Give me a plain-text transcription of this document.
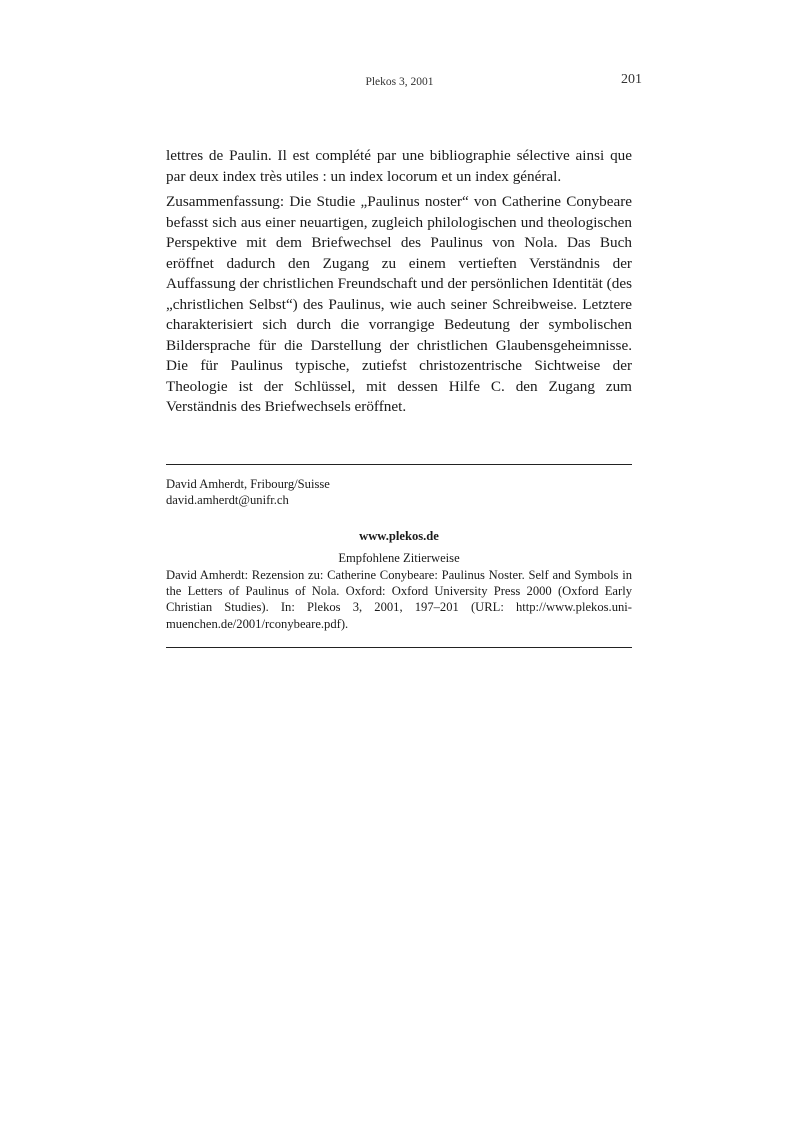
Plekos 3, 2001	201

lettres de Paulin. Il est complété par une bibliographie sélective ainsi que par deux index très utiles : un index locorum et un index général.

Zusammenfassung: Die Studie „Paulinus noster“ von Catherine Conybeare befasst sich aus einer neuartigen, zugleich philologischen und theologischen Perspektive mit dem Briefwechsel des Paulinus von Nola. Das Buch eröffnet dadurch den Zugang zu einem vertieften Verständnis der Auffassung der christlichen Freundschaft und der persönlichen Identität (des „christlichen Selbst“) des Paulinus, wie auch seiner Schreibweise. Letztere charakterisiert sich durch die vorrangige Bedeutung der symbolischen Bildersprache für die Darstellung der christlichen Glaubensgeheimnisse. Die für Paulinus typische, zutiefst christozentrische Sichtweise der Theologie ist der Schlüssel, mit dessen Hilfe C. den Zugang zum Verständnis des Briefwechsels eröffnet.

David Amherdt, Fribourg/Suisse
david.amherdt@unifr.ch
www.plekos.de
Empfohlene Zitierweise
David Amherdt: Rezension zu: Catherine Conybeare: Paulinus Noster. Self and Symbols in the Letters of Paulinus of Nola. Oxford: Oxford University Press 2000 (Oxford Early Christian Studies). In: Plekos 3, 2001, 197–201 (URL: http://www.plekos.uni-muenchen.de/2001/rconybeare.pdf).
